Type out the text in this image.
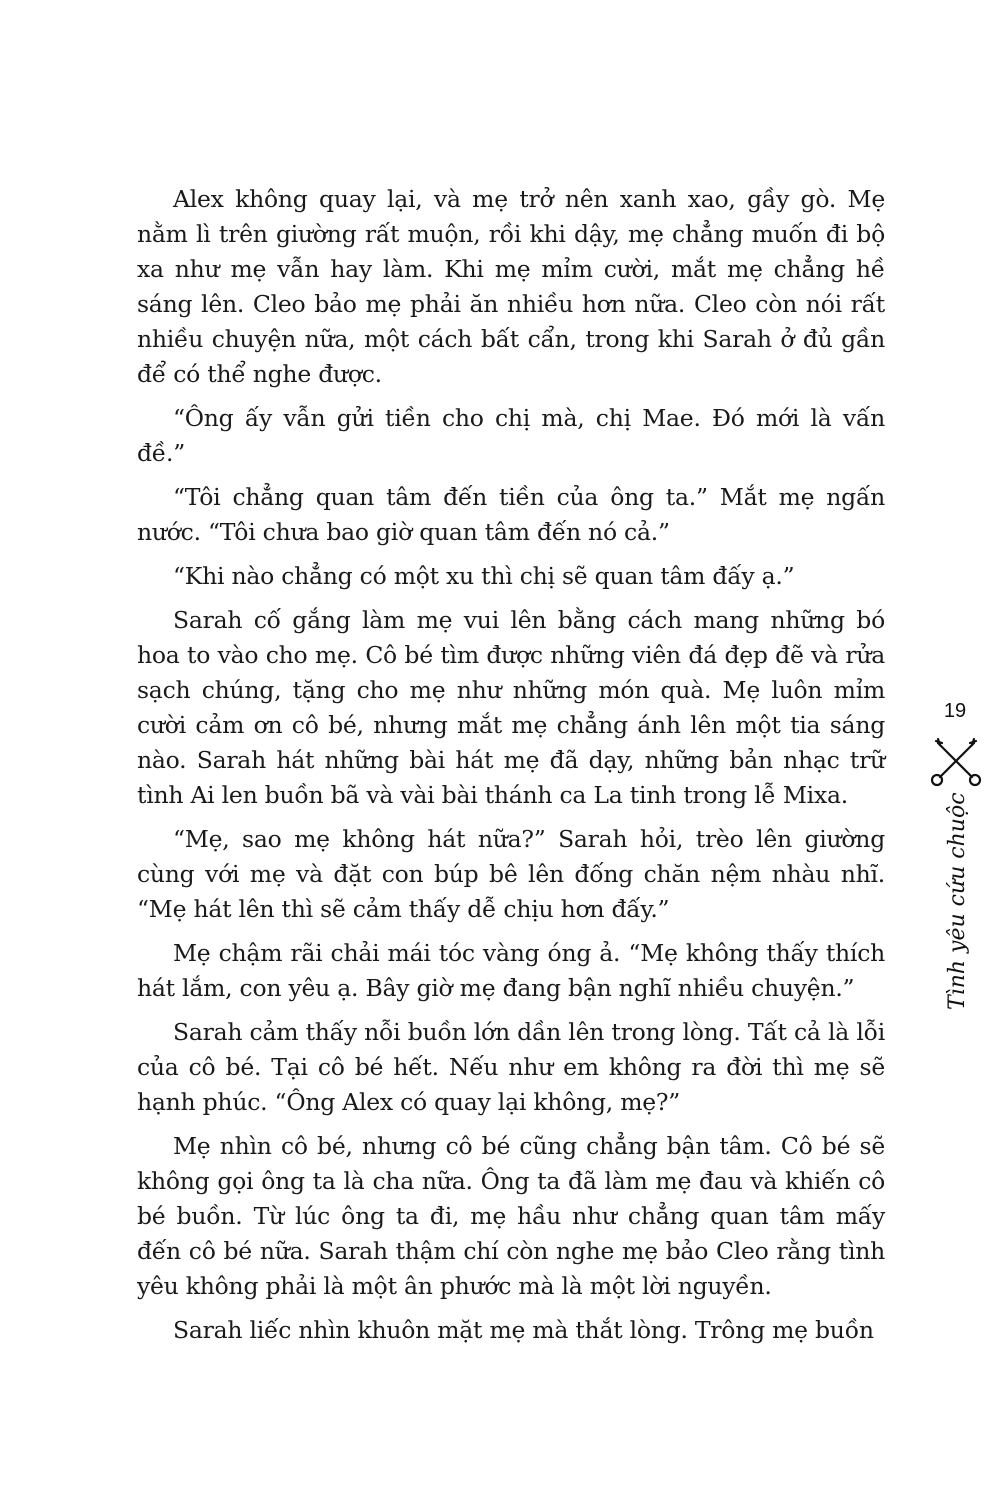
Alex không quay lại, và mẹ trở nên xanh xao, gầy gò. Mẹ nằm lì trên giường rất muộn, rồi khi dậy, mẹ chẳng muốn đi bộ xa như mẹ vẫn hay làm. Khi mẹ mỉm cười, mắt mẹ chẳng hề sáng lên. Cleo bảo mẹ phải ăn nhiều hơn nữa. Cleo còn nói rất nhiều chuyện nữa, một cách bất cẩn, trong khi Sarah ở đủ gần để có thể nghe được.

“Ông ấy vẫn gửi tiền cho chị mà, chị Mae. Đó mới là vấn đề.”

“Tôi chẳng quan tâm đến tiền của ông ta.” Mắt mẹ ngấn nước. “Tôi chưa bao giờ quan tâm đến nó cả.”

“Khi nào chẳng có một xu thì chị sẽ quan tâm đấy ạ.”

Sarah cố gắng làm mẹ vui lên bằng cách mang những bó hoa to vào cho mẹ. Cô bé tìm được những viên đá đẹp đẽ và rửa sạch chúng, tặng cho mẹ như những món quà. Mẹ luôn mỉm cười cảm ơn cô bé, nhưng mắt mẹ chẳng ánh lên một tia sáng nào. Sarah hát những bài hát mẹ đã dạy, những bản nhạc trữ tình Ai len buồn bã và vài bài thánh ca La tinh trong lễ Mixa.

“Mẹ, sao mẹ không hát nữa?” Sarah hỏi, trèo lên giường cùng với mẹ và đặt con búp bê lên đống chăn nệm nhàu nhĩ. “Mẹ hát lên thì sẽ cảm thấy dễ chịu hơn đấy.”

Mẹ chậm rãi chải mái tóc vàng óng ả. “Mẹ không thấy thích hát lắm, con yêu ạ. Bây giờ mẹ đang bận nghĩ nhiều chuyện.”

Sarah cảm thấy nỗi buồn lớn dần lên trong lòng. Tất cả là lỗi của cô bé. Tại cô bé hết. Nếu như em không ra đời thì mẹ sẽ hạnh phúc. “Ông Alex có quay lại không, mẹ?”

Mẹ nhìn cô bé, nhưng cô bé cũng chẳng bận tâm. Cô bé sẽ không gọi ông ta là cha nữa. Ông ta đã làm mẹ đau và khiến cô bé buồn. Từ lúc ông ta đi, mẹ hầu như chẳng quan tâm mấy đến cô bé nữa. Sarah thậm chí còn nghe mẹ bảo Cleo rằng tình yêu không phải là một ân phước mà là một lời nguyền.

Sarah liếc nhìn khuôn mặt mẹ mà thắt lòng. Trông mẹ buồn

19
Tình yêu cứu chuộc
